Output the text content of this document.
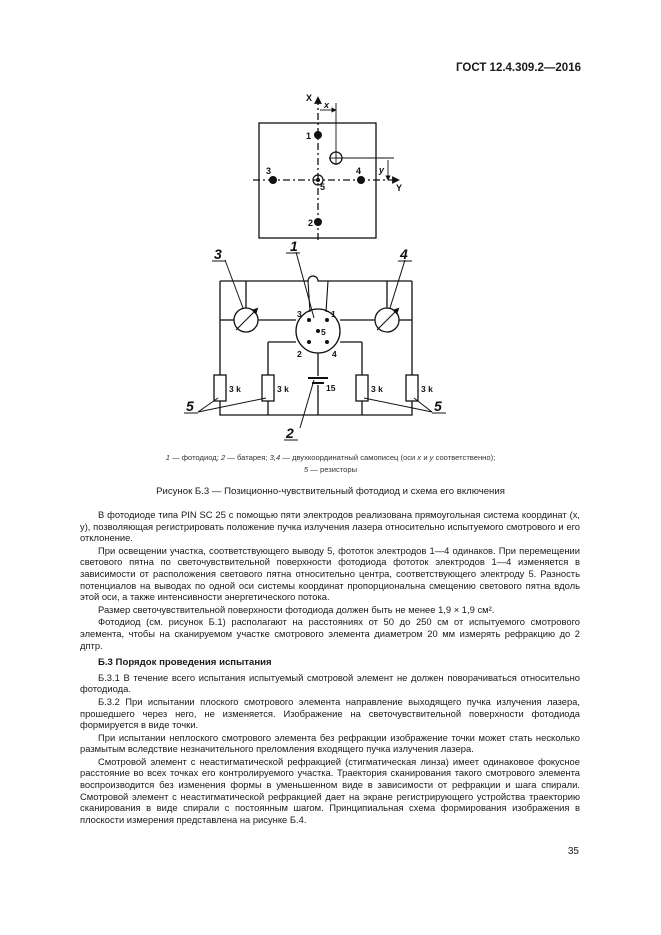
ГОСТ 12.4.309.2—2016
X
Y
x
y
1
2
3	4
5
1
2
3	4
5	5
3	1
5
2	4
3 k	3 k	3 k	3 k
15
1 — фотодиод; 2 — батарея; 3,4 — двухкоординатный самописец (оси x и y соответственно);
5 — резисторы
Рисунок Б.3 — Позиционно-чувствительный фотодиод и схема его включения

В фотодиоде типа PIN SC 25 с помощью пяти электродов реализована прямоугольная система координат (x, y), позволяющая регистрировать положение пучка излучения лазера относительно испытуемого смотрового и его отклонение.

При освещении участка, соответствующего выводу 5, фототок электродов 1—4 одинаков. При перемещении светового пятна по светочувствительной поверхности фотодиода фототок электродов 1—4 изменяется в зависимости от расположения светового пятна относительно центра, соответствующего электроду 5. Разность потенциалов на выводах по одной оси системы координат пропорциональна смещению светового пятна вдоль этой оси, а также интенсивности энергетического потока.

Размер светочувствительной поверхности фотодиода должен быть не менее 1,9 × 1,9 см².

Фотодиод (см. рисунок Б.1) располагают на расстояниях от 50 до 250 см от испытуемого смотрового элемента, чтобы на сканируемом участке смотрового элемента диаметром 20 мм измерять рефракцию до 2 дптр.

Б.3 Порядок проведения испытания

Б.3.1 В течение всего испытания испытуемый смотровой элемент не должен поворачиваться относительно фотодиода.

Б.3.2 При испытании плоского смотрового элемента направление выходящего пучка излучения лазера, прошедшего через него, не изменяется. Изображение на светочувствительной поверхности фотодиода формируется в виде точки.

При испытании неплоского смотрового элемента без рефракции изображение точки может стать несколько размытым вследствие незначительного преломления входящего пучка излучения лазера.

Смотровой элемент с неастигматической рефракцией (стигматическая линза) имеет одинаковое фокусное расстояние во всех точках его контролируемого участка. Траектория сканирования такого смотрового элемента воспроизводится без изменения формы в уменьшенном виде в зависимости от рефракции и шага спирали. Смотровой элемент с неастигматической рефракцией дает на экране регистрирующего устройства траекторию сканирования в виде спирали с постоянным шагом. Принципиальная схема формирования изображения в плоскости измерения представлена на рисунке Б.4.

35
